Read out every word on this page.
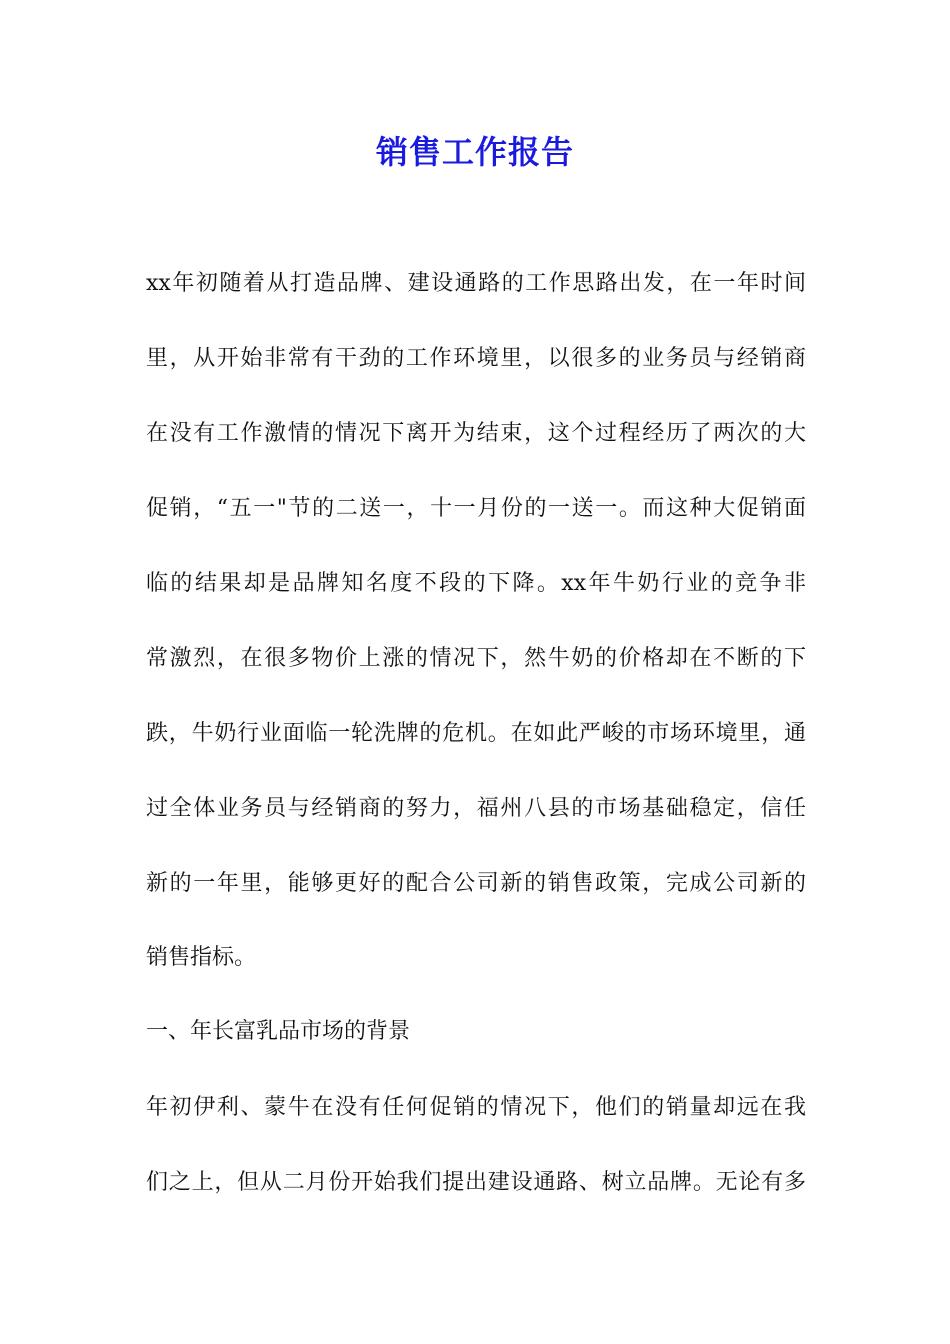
销售工作报告

xx年初随着从打造品牌、建设通路的工作思路出发，在一年时间

里，从开始非常有干劲的工作环境里，以很多的业务员与经销商

在没有工作激情的情况下离开为结束，这个过程经历了两次的大

促销，“五一"节的二送一，十一月份的一送一。而这种大促销面

临的结果却是品牌知名度不段的下降。xx年牛奶行业的竞争非

常激烈，在很多物价上涨的情况下，然牛奶的价格却在不断的下

跌，牛奶行业面临一轮洗牌的危机。在如此严峻的市场环境里，通

过全体业务员与经销商的努力，福州八县的市场基础稳定，信任

新的一年里，能够更好的配合公司新的销售政策，完成公司新的

销售指标。

一、年长富乳品市场的背景

年初伊利、蒙牛在没有任何促销的情况下，他们的销量却远在我

们之上，但从二月份开始我们提出建设通路、树立品牌。无论有多
